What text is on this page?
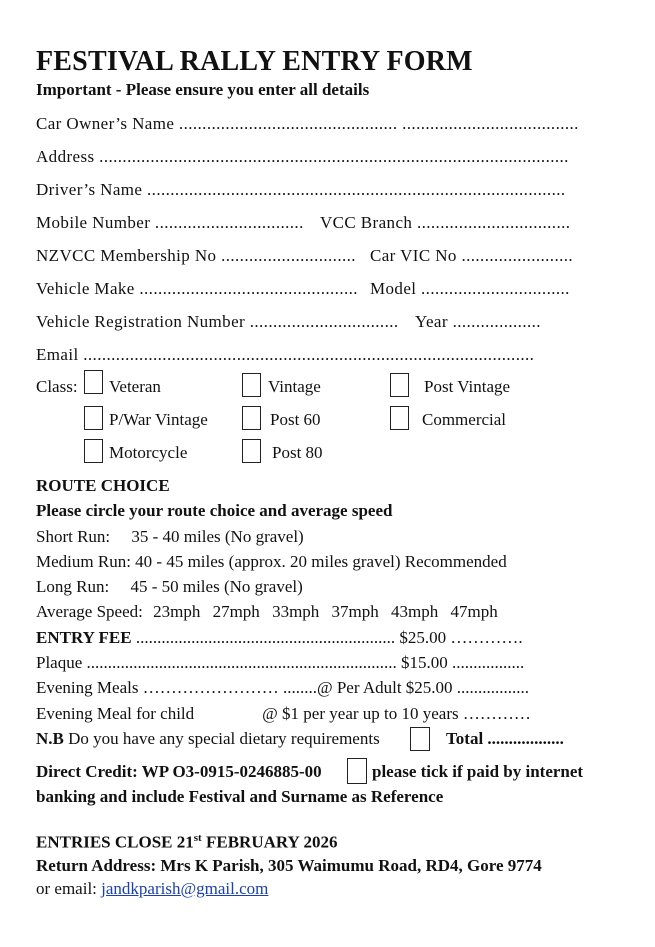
FESTIVAL RALLY ENTRY FORM
Important - Please ensure you enter all details
Car Owner’s Name ............................................... ......................................
Address .....................................................................................................
Driver’s Name ..........................................................................................
Mobile Number ................................ VCC Branch .................................
NZVCC Membership No ............................. Car VIC No ........................
Vehicle Make ............................................... Model ................................
Vehicle Registration Number ................................ Year ...................
Email .................................................................................................
Class: Veteran	Vintage	Post Vintage
P/War Vintage	Post 60	Commercial
Motorcycle	Post 80
ROUTE CHOICE
Please circle your route choice and average speed
Short Run:     35 - 40 miles (No gravel)
Medium Run: 40 - 45 miles (approx. 20 miles gravel) Recommended
Long Run:     45 - 50 miles (No gravel)
Average Speed: 23mph 27mph 33mph 37mph 43mph 47mph
ENTRY FEE ............................................................. $25.00 ………….
Plaque ......................................................................... $15.00 .................
Evening Meals …………………… ........@ Per Adult $25.00 .................
Evening Meal for child	@ $1 per year up to 10 years …………
N.B Do you have any special dietary requirements	Total ..................
Direct Credit: WP O3-0915-0246885-00	please tick if paid by internet
banking and include Festival and Surname as Reference
ENTRIES CLOSE 21st FEBRUARY 2026
Return Address: Mrs K Parish, 305 Waimumu Road, RD4, Gore 9774
or email: jandkparish@gmail.com
